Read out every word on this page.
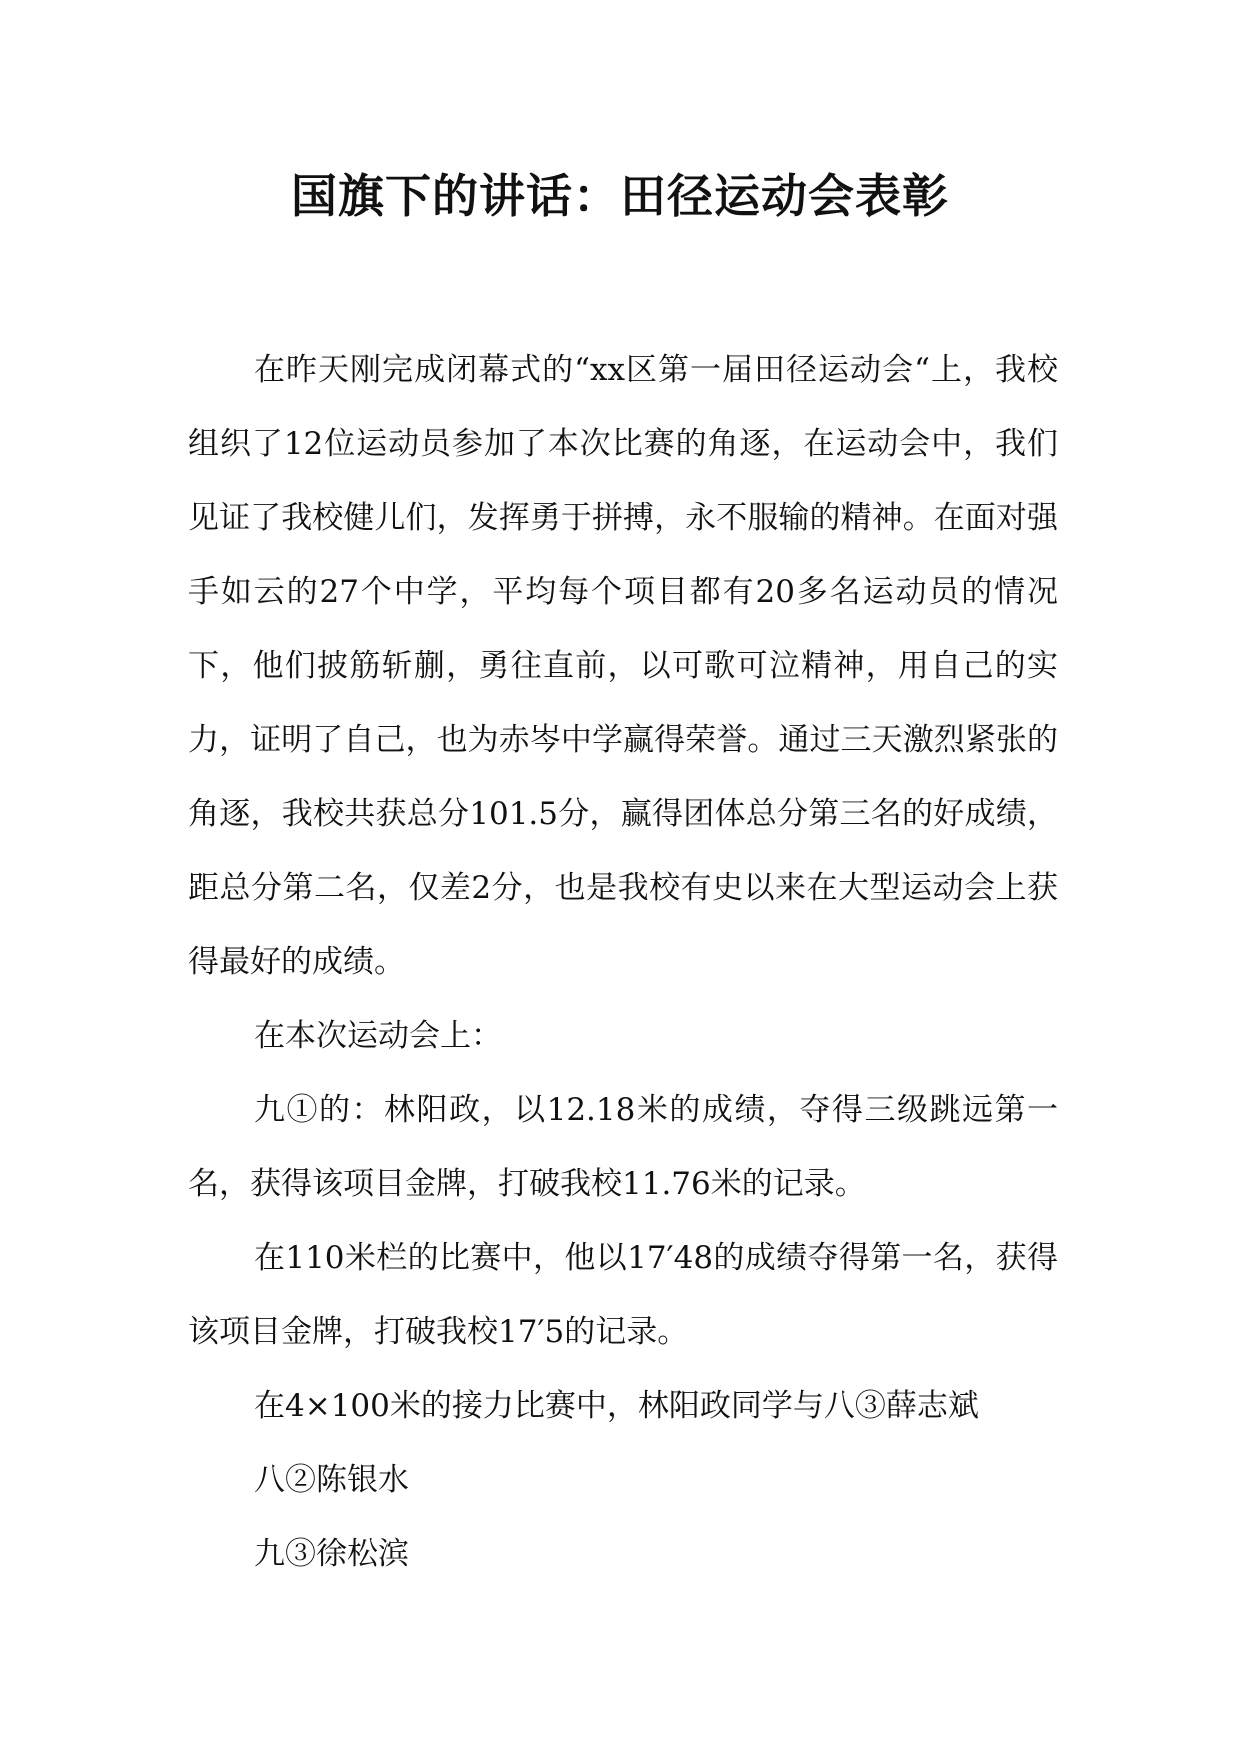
国旗下的讲话：田径运动会表彰

在昨天刚完成闭幕式的“xx区第一届田径运动会“上，我校组织了12位运动员参加了本次比赛的角逐，在运动会中，我们见证了我校健儿们，发挥勇于拼搏，永不服输的精神。在面对强手如云的27个中学，平均每个项目都有20多名运动员的情况下，他们披筋斩蒯，勇往直前，以可歌可泣精神，用自己的实力，证明了自己，也为赤岑中学赢得荣誉。通过三天激烈紧张的角逐，我校共获总分101.5分，赢得团体总分第三名的好成绩，距总分第二名，仅差2分，也是我校有史以来在大型运动会上获得最好的成绩。

在本次运动会上：

九①的：林阳政，以12.18米的成绩，夺得三级跳远第一名，获得该项目金牌，打破我校11.76米的记录。

在110米栏的比赛中，他以17′48的成绩夺得第一名，获得该项目金牌，打破我校17′5的记录。

在4×100米的接力比赛中，林阳政同学与八③薛志斌

八②陈银水

九③徐松滨
